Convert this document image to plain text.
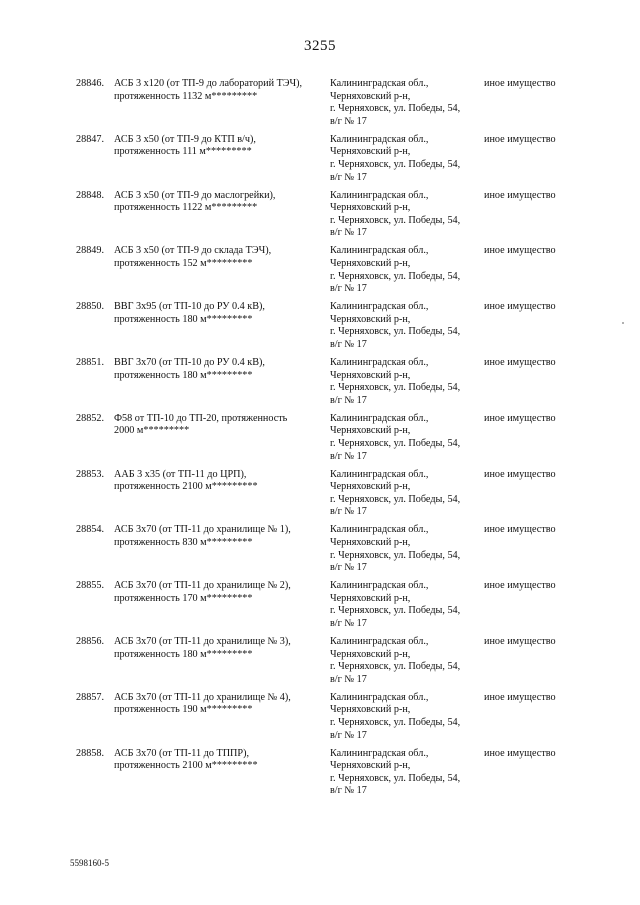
3255
28846. АСБ 3 х120 (от ТП-9 до лабораторий ТЭЧ),
протяженность 1132 м*********
Калининградская обл.,
Черняховский р-н,
г. Черняховск, ул. Победы, 54,
в/г № 17
иное имущество
28847. АСБ 3 х50 (от ТП-9 до КТП в/ч),
протяженность 111 м*********
Калининградская обл.,
Черняховский р-н,
г. Черняховск, ул. Победы, 54,
в/г № 17
иное имущество
28848. АСБ 3 х50 (от ТП-9 до маслогрейки),
протяженность 1122 м*********
Калининградская обл.,
Черняховский р-н,
г. Черняховск, ул. Победы, 54,
в/г № 17
иное имущество
28849. АСБ 3 х50 (от ТП-9 до склада ТЭЧ),
протяженность 152 м*********
Калининградская обл.,
Черняховский р-н,
г. Черняховск, ул. Победы, 54,
в/г № 17
иное имущество
28850. ВВГ 3х95 (от ТП-10 до РУ 0.4 кВ),
протяженность 180 м*********
Калининградская обл.,
Черняховский р-н,
г. Черняховск, ул. Победы, 54,
в/г № 17
иное имущество
28851. ВВГ 3х70 (от ТП-10 до РУ 0.4 кВ),
протяженность 180 м*********
Калининградская обл.,
Черняховский р-н,
г. Черняховск, ул. Победы, 54,
в/г № 17
иное имущество
28852. Ф58 от ТП-10 до ТП-20, протяженность
2000 м*********
Калининградская обл.,
Черняховский р-н,
г. Черняховск, ул. Победы, 54,
в/г № 17
иное имущество
28853. ААБ 3 х35 (от ТП-11 до ЦРП),
протяженность 2100 м*********
Калининградская обл.,
Черняховский р-н,
г. Черняховск, ул. Победы, 54,
в/г № 17
иное имущество
28854. АСБ 3х70 (от ТП-11 до хранилище № 1),
протяженность 830 м*********
Калининградская обл.,
Черняховский р-н,
г. Черняховск, ул. Победы, 54,
в/г № 17
иное имущество
28855. АСБ 3х70 (от ТП-11 до хранилище № 2),
протяженность 170 м*********
Калининградская обл.,
Черняховский р-н,
г. Черняховск, ул. Победы, 54,
в/г № 17
иное имущество
28856. АСБ 3х70 (от ТП-11 до хранилище № 3),
протяженность 180 м*********
Калининградская обл.,
Черняховский р-н,
г. Черняховск, ул. Победы, 54,
в/г № 17
иное имущество
28857. АСБ 3х70 (от ТП-11 до хранилище № 4),
протяженность 190 м*********
Калининградская обл.,
Черняховский р-н,
г. Черняховск, ул. Победы, 54,
в/г № 17
иное имущество
28858. АСБ 3х70 (от ТП-11 до ТППР),
протяженность 2100 м*********
Калининградская обл.,
Черняховский р-н,
г. Черняховск, ул. Победы, 54,
в/г № 17
иное имущество
5598160-5
